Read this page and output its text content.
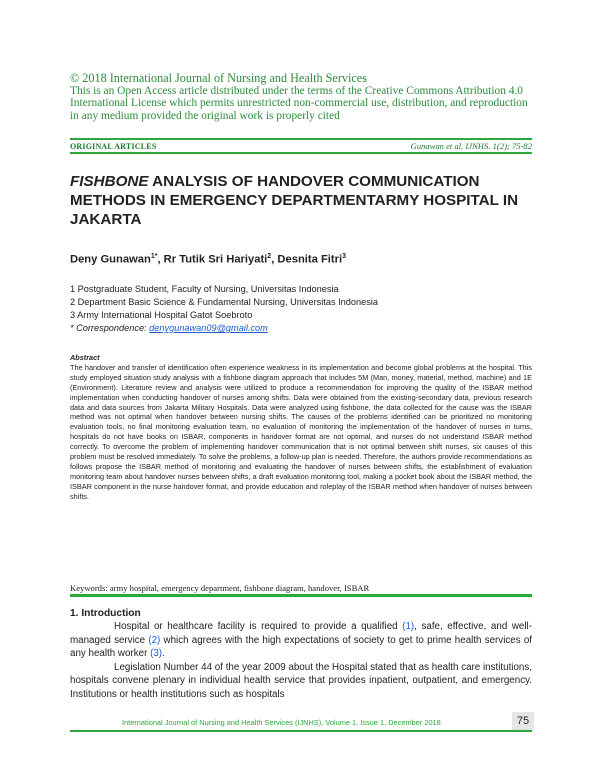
© 2018 International Journal of Nursing and Health Services
This is an Open Access article distributed under the terms of the Creative Commons Attribution 4.0 International License which permits unrestricted non-commercial use, distribution, and reproduction in any medium provided the original work is properly cited
ORIGINAL ARTICLES	Gunawan et al. IJNHS. 1(2); 75-82
FISHBONE ANALYSIS OF HANDOVER COMMUNICATION METHODS IN EMERGENCY DEPARTMENTARMY HOSPITAL IN JAKARTA
Deny Gunawan$^{1*}$, Rr Tutik Sri Hariyati$^2$, Desnita Fitri$^3$
1 Postgraduate Student, Faculty of Nursing, Universitas Indonesia
2 Department Basic Science & Fundamental Nursing, Universitas Indonesia
3 Army International Hospital Gatot Soebroto
* Correspondence: denygunawan09@gmail.com
Abstract
The handover and transfer of identification often experience weakness in its implementation and become global problems at the hospital. This study employed situation study analysis with a fishbone diagram approach that includes 5M (Man, money, material, method, machine) and 1E (Environment). Literature review and analysis were utilized to produce a recommendation for improving the quality of the ISBAR method implementation when conducting handover of nurses among shifts. Data were obtained from the existing-secondary data, previous research data and data sources from Jakarta Military Hospitals. Data were analyzed using fishbone, the data collected for the cause was the ISBAR method was not optimal when handover between nursing shifts. The causes of the problems identified can be prioritized no monitoring evaluation tools, no final monitoring evaluation team, no evaluation of monitoring the implementation of the handover of nurses in turns, hospitals do not have books on ISBAR, components in handover format are not optimal, and nurses do not understand ISBAR method correctly. To overcome the problem of implementing handover communication that is not optimal between shift nurses, six causes of this problem must be resolved immediately. To solve the problems, a follow-up plan is needed. Therefore, the authors provide recommendations as follows propose the ISBAR method of monitoring and evaluating the handover of nurses between shifts, the establishment of evaluation monitoring team about handover nurses between shifts, a draft evaluation monitoring tool, making a pocket book about the ISBAR method, the ISBAR component in the nurse handover format, and provide education and roleplay of the ISBAR method when handover of nurses between shifts.
Keywords: army hospital, emergency department, fishbone diagram, handover, ISBAR
1. Introduction

Hospital or healthcare facility is required to provide a qualified (1), safe, effective, and well-managed service (2) which agrees with the high expectations of society to get to prime health services of any health worker (3).

Legislation Number 44 of the year 2009 about the Hospital stated that as health care institutions, hospitals convene plenary in individual health service that provides inpatient, outpatient, and emergency. Institutions or health institutions such as hospitals

International Journal of Nursing and Health Services (IJNHS), Volume 1, Issue 1, December 2018	75
